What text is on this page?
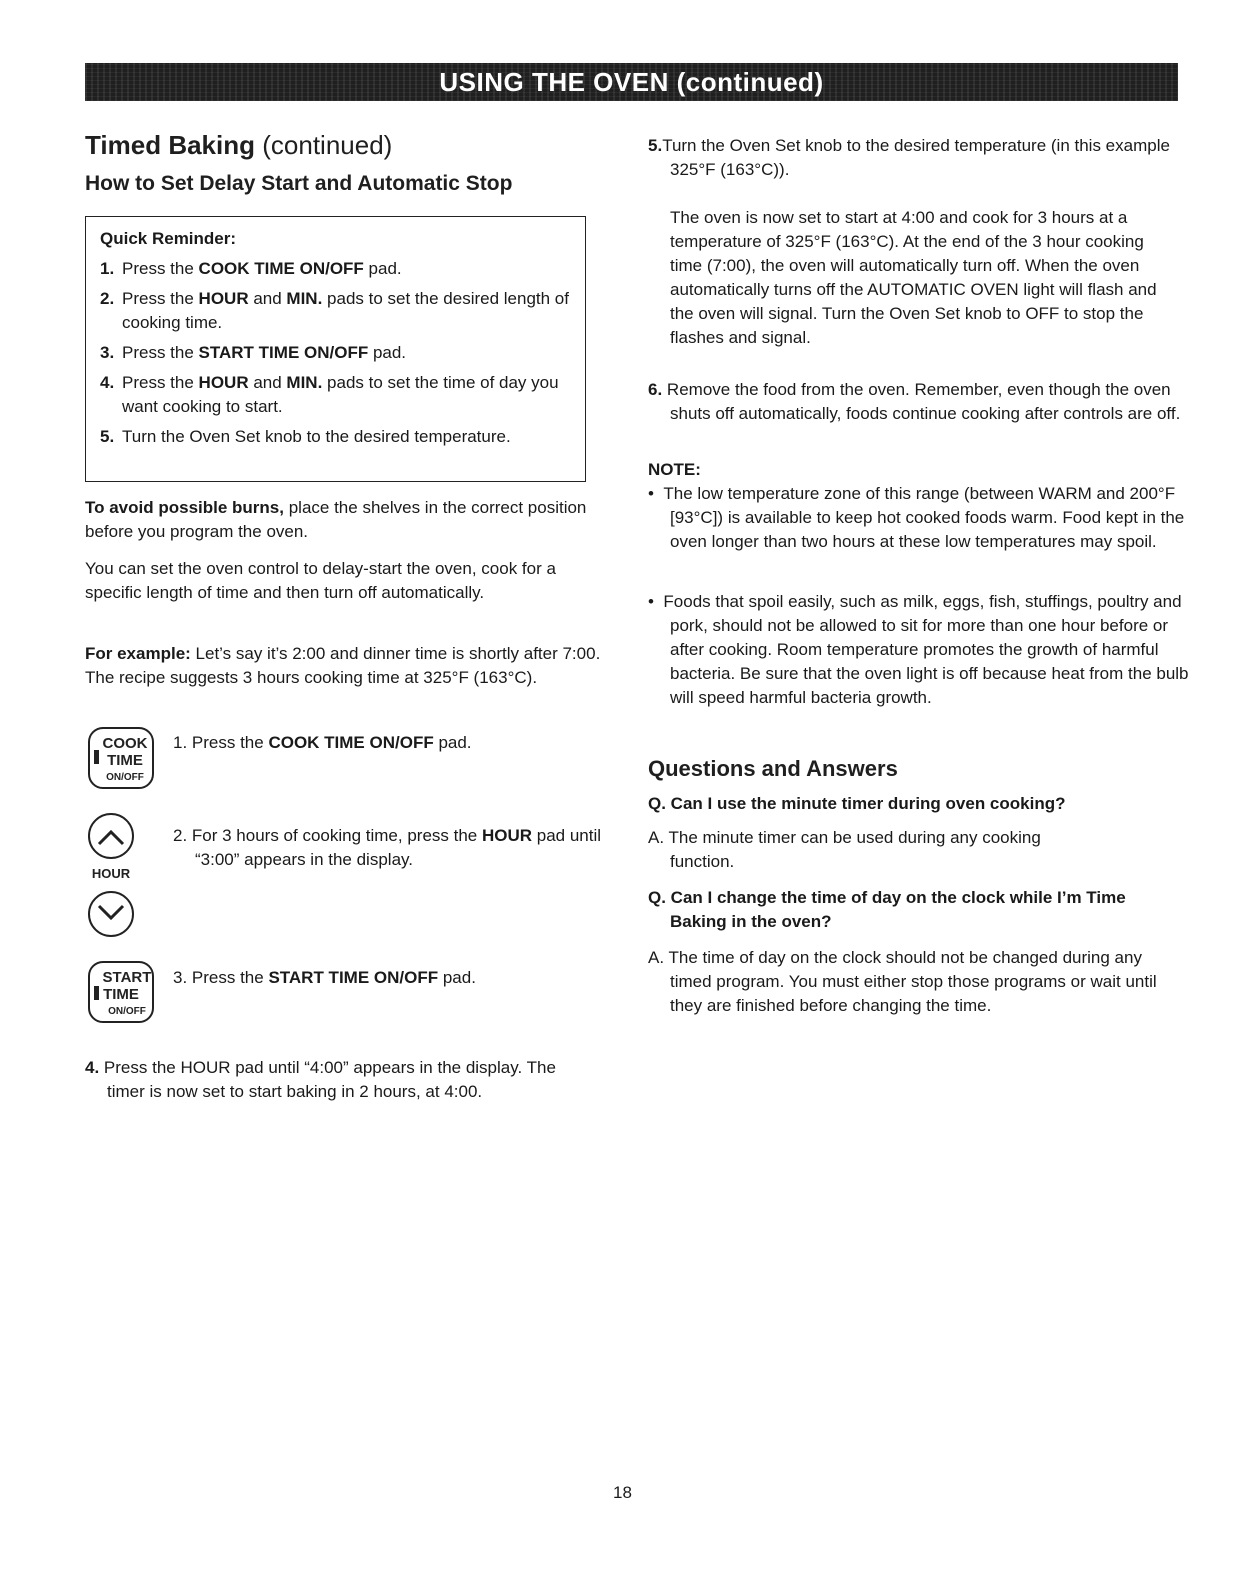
USING THE OVEN (continued)
Timed Baking (continued)
How to Set Delay Start and Automatic Stop
Quick Reminder:
1. Press the COOK TIME ON/OFF pad.
2. Press the HOUR and MIN. pads to set the desired length of cooking time.
3. Press the START TIME ON/OFF pad.
4. Press the HOUR and MIN. pads to set the time of day you want cooking to start.
5. Turn the Oven Set knob to the desired temperature.
To avoid possible burns, place the shelves in the correct position before you program the oven.
You can set the oven control to delay-start the oven, cook for a specific length of time and then turn off automatically.
For example: Let’s say it’s 2:00 and dinner time is shortly after 7:00. The recipe suggests 3 hours cooking time at 325°F (163°C).
COOK
TIME
ON/OFF
1. Press the COOK TIME ON/OFF pad.
HOUR
2. For 3 hours of cooking time, press the HOUR pad until “3:00” appears in the display.
START
TIME
ON/OFF
3. Press the START TIME ON/OFF pad.
4. Press the HOUR pad until “4:00” appears in the display. The timer is now set to start baking in 2 hours, at 4:00.
5.Turn the Oven Set knob to the desired temperature (in this example 325°F (163°C)).
The oven is now set to start at 4:00 and cook for 3 hours at a temperature of 325°F (163°C). At the end of the 3 hour cooking time (7:00), the oven will automatically turn off. When the oven automatically turns off the AUTOMATIC OVEN light will flash and the oven will signal. Turn the Oven Set knob to OFF to stop the flashes and signal.
6. Remove the food from the oven. Remember, even though the oven shuts off automatically, foods continue cooking after controls are off.
NOTE:
•  The low temperature zone of this range (between WARM and 200°F [93°C]) is available to keep hot cooked foods warm. Food kept in the oven longer than two hours at these low temperatures may spoil.
•  Foods that spoil easily, such as milk, eggs, fish, stuffings, poultry and pork, should not be allowed to sit for more than one hour before or after cooking. Room temperature promotes the growth of harmful bacteria. Be sure that the oven light is off because heat from the bulb will speed harmful bacteria growth.
Questions and Answers
Q. Can I use the minute timer during oven cooking?
A. The minute timer can be used during any cooking function.
Q. Can I change the time of day on the clock while I’m Time Baking in the oven?
A. The time of day on the clock should not be changed during any timed program. You must either stop those programs or wait until they are finished before changing the time.
18
